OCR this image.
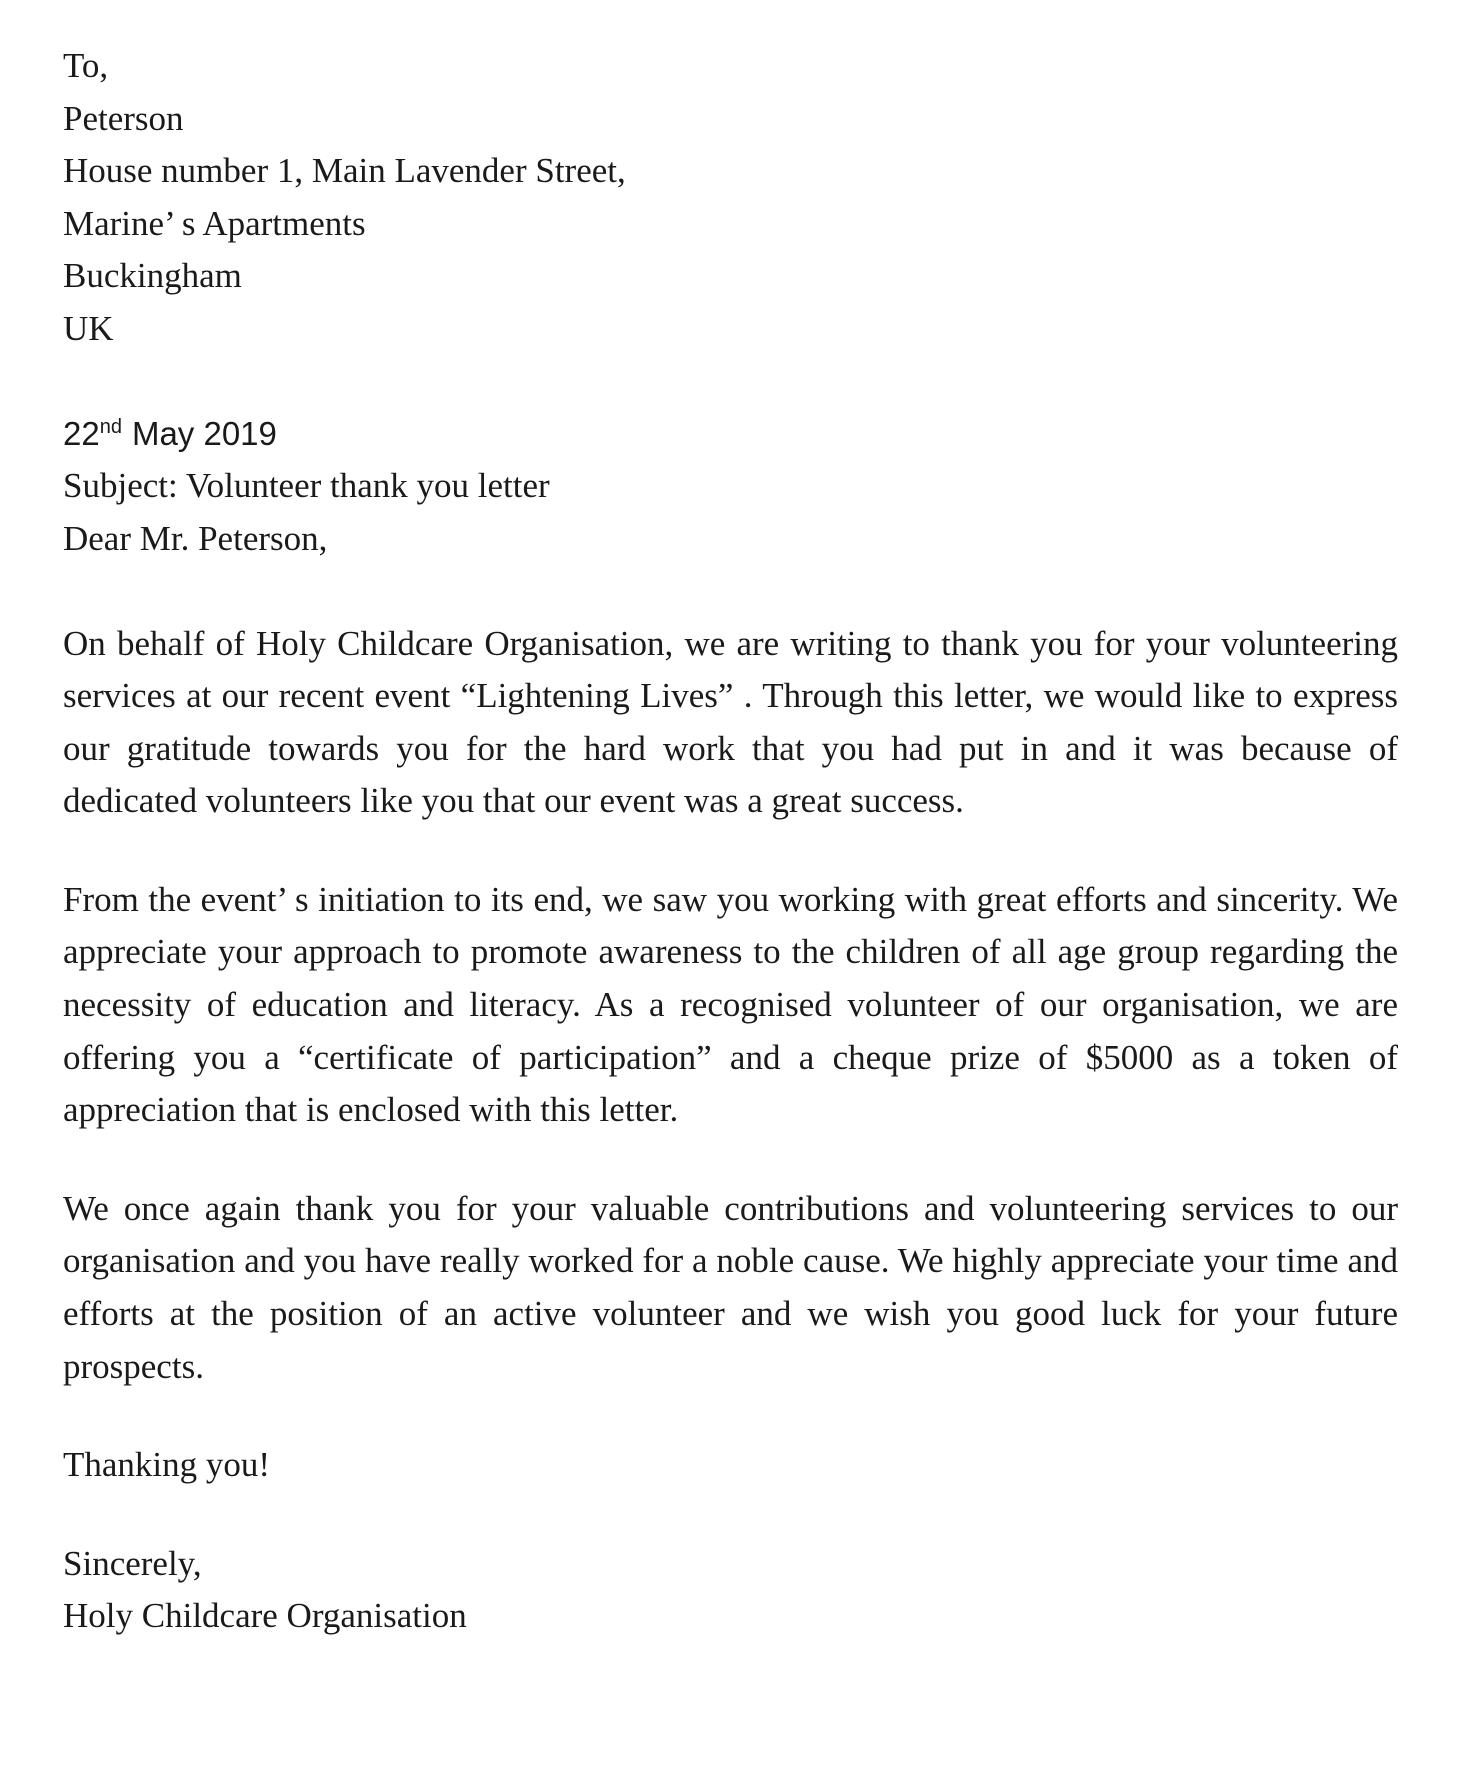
To,
Peterson
House number 1, Main Lavender Street,
Marine’ s Apartments
Buckingham
UK
22nd May 2019
Subject: Volunteer thank you letter
Dear Mr. Peterson,

On behalf of Holy Childcare Organisation, we are writing to thank you for your volunteering services at our recent event “Lightening Lives” . Through this letter, we would like to express our gratitude towards you for the hard work that you had put in and it was because of dedicated volunteers like you that our event was a great success.

From the event’ s initiation to its end, we saw you working with great efforts and sincerity. We appreciate your approach to promote awareness to the children of all age group regarding the necessity of education and literacy. As a recognised volunteer of our organisation, we are offering you a “certificate of participation” and a cheque prize of $5000 as a token of appreciation that is enclosed with this letter.

We once again thank you for your valuable contributions and volunteering services to our organisation and you have really worked for a noble cause. We highly appreciate your time and efforts at the position of an active volunteer and we wish you good luck for your future prospects.

Thanking you!
Sincerely,
Holy Childcare Organisation
